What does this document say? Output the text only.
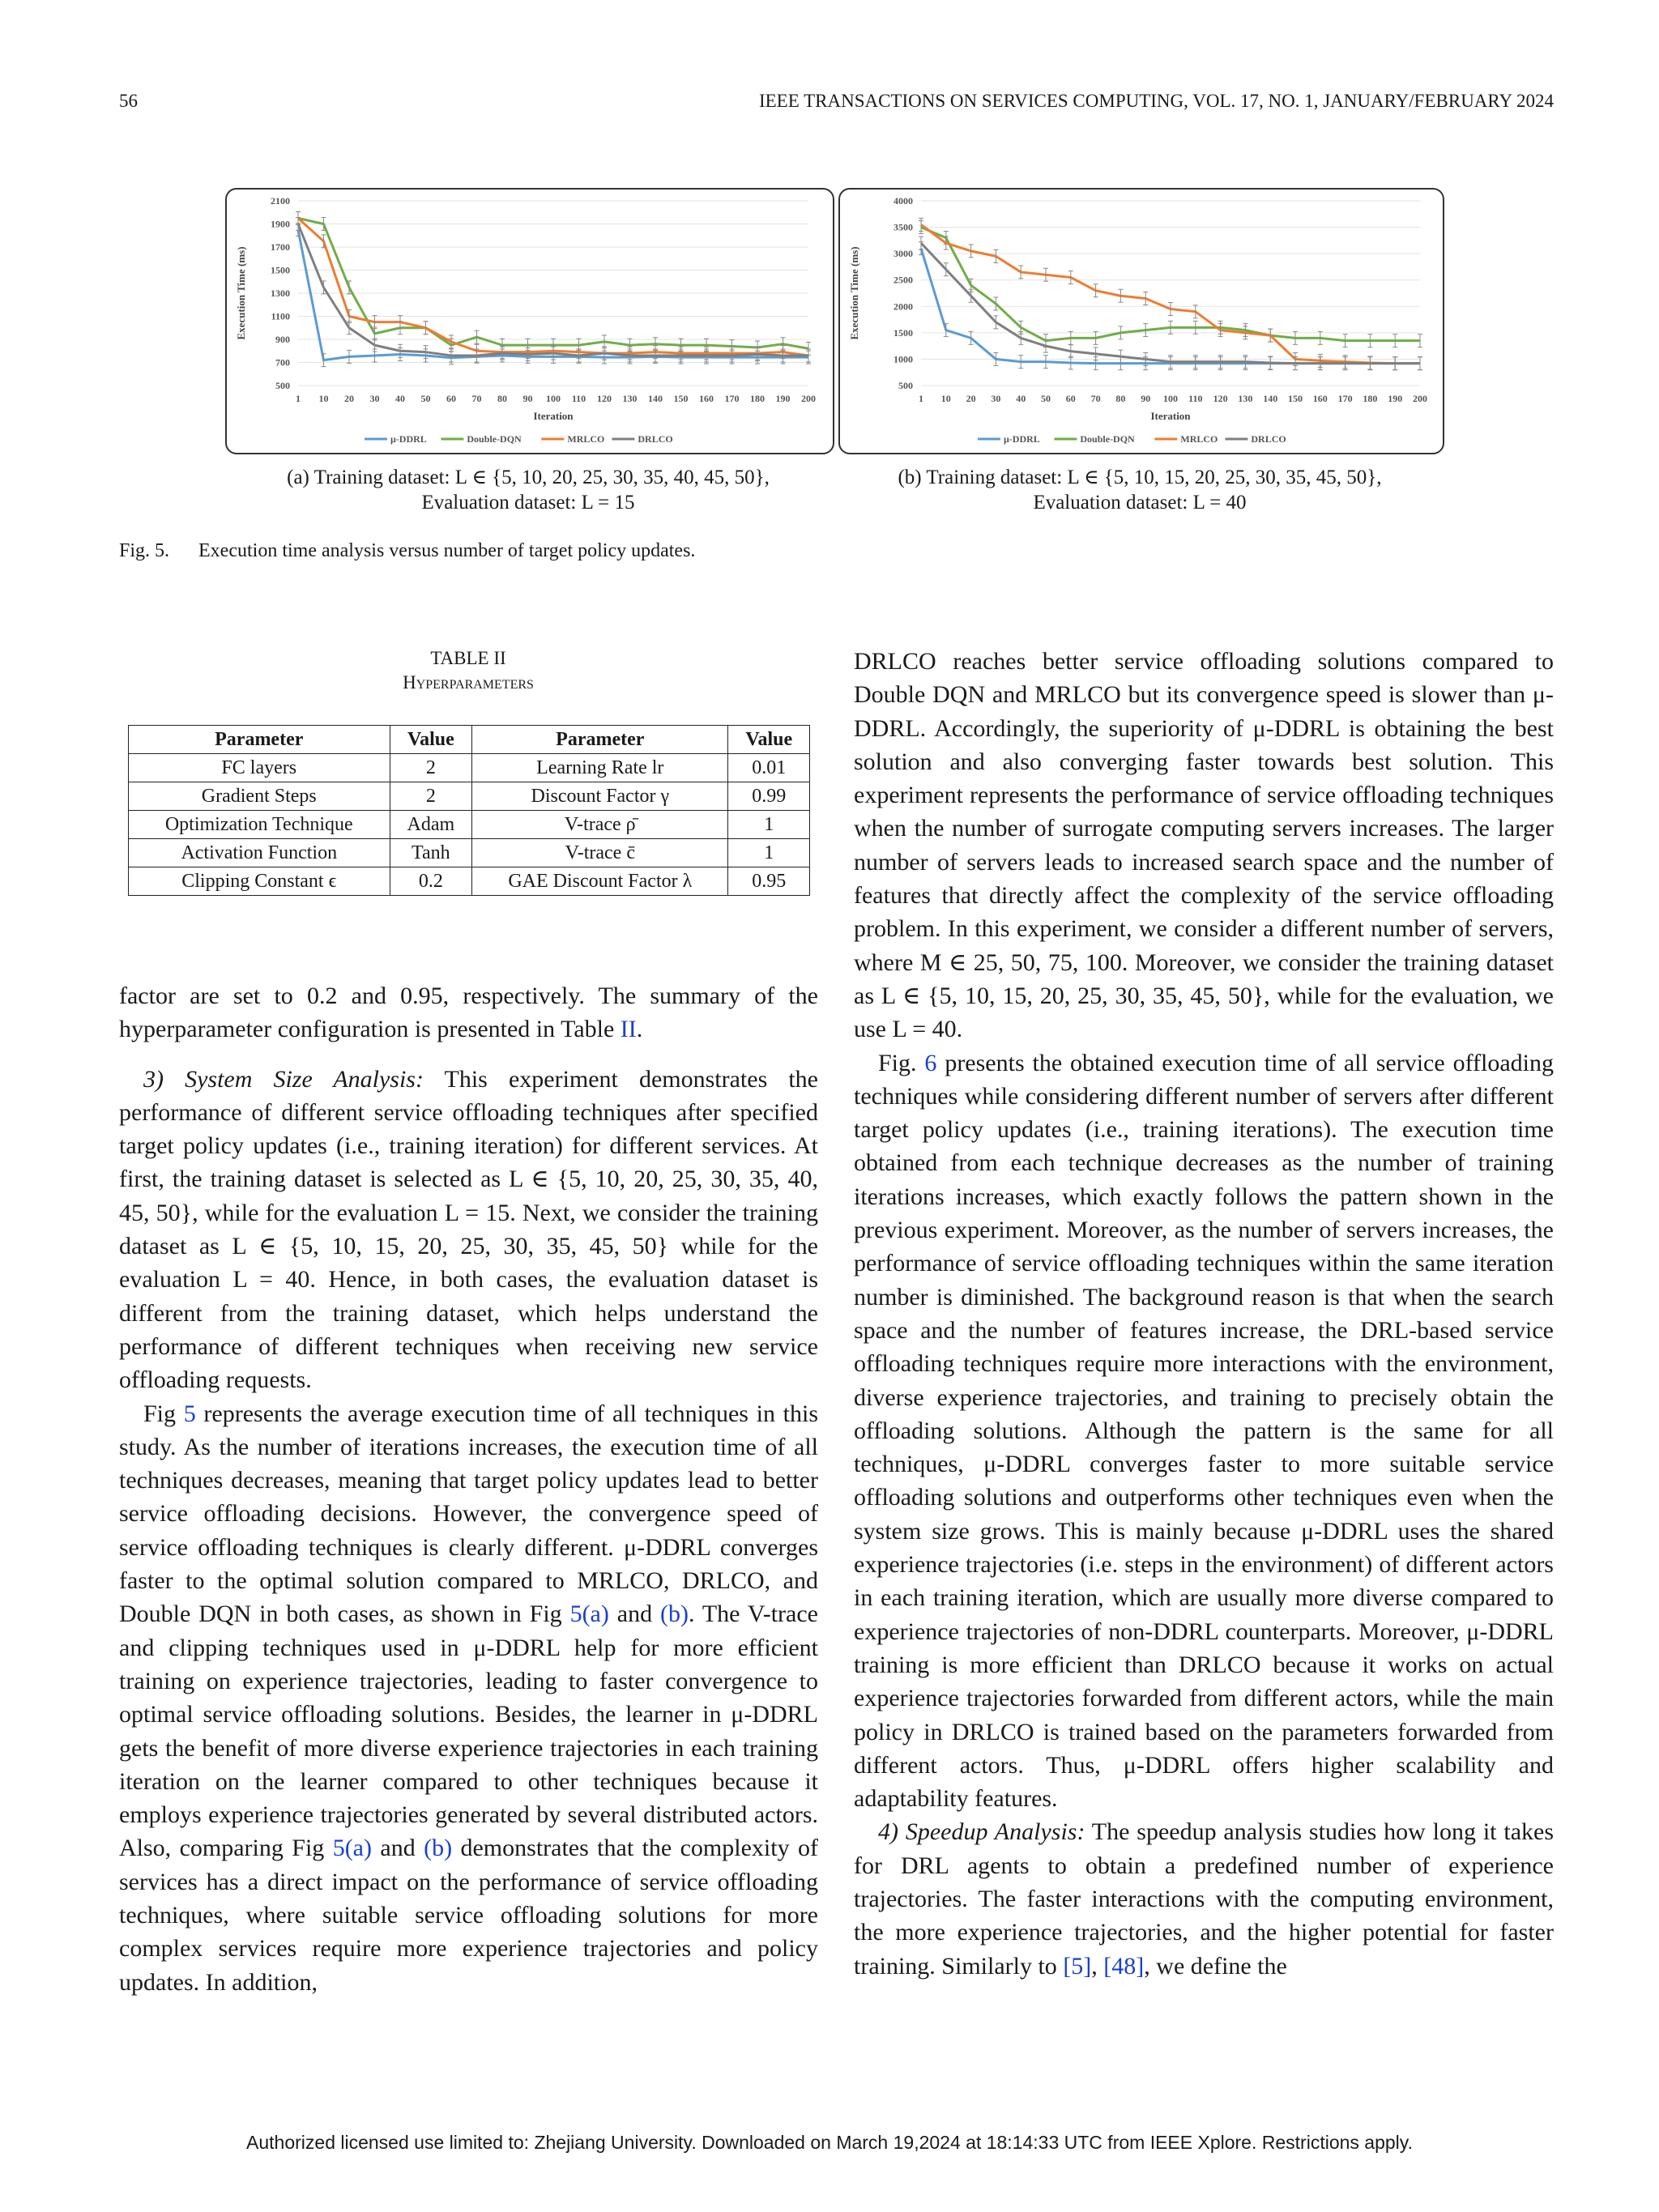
56	IEEE TRANSACTIONS ON SERVICES COMPUTING, VOL. 17, NO. 1, JANUARY/FEBRUARY 2024
500
700
900
1100
1300
1500
1700
1900
2100
1 10 20 30 40 50 60 70 80 90 100 110 120 130 140 150 160 170 180 190 200
Iteration
Execution Time (ms)
μ-DDRL	Double-DQN	MRLCO	DRLCO
500
1000
1500
2000
2500
3000
3500
4000
1 10 20 30 40 50 60 70 80 90 100 110 120 130 140 150 160 170 180 190 200
Iteration
Execution Time (ms)
μ-DDRL	Double-DQN	MRLCO	DRLCO
(a) Training dataset: L ∈ {5, 10, 20, 25, 30, 35, 40, 45, 50},
Evaluation dataset: L = 15
(b) Training dataset: L ∈ {5, 10, 15, 20, 25, 30, 35, 45, 50},
Evaluation dataset: L = 40
Fig. 5. Execution time analysis versus number of target policy updates.
TABLE II
Hyperparameters
Parameter	Value	Parameter	Value
FC layers	2	Learning Rate lr	0.01
Gradient Steps	2	Discount Factor γ	0.99
Optimization Technique	Adam	V-trace ρ̄	1
Activation Function	Tanh	V-trace c̄	1
Clipping Constant ϵ	0.2	GAE Discount Factor λ	0.95

factor are set to 0.2 and 0.95, respectively. The summary of the hyperparameter configuration is presented in Table II.

3) System Size Analysis: This experiment demonstrates the performance of different service offloading techniques after specified target policy updates (i.e., training iteration) for different services. At first, the training dataset is selected as L ∈ {5, 10, 20, 25, 30, 35, 40, 45, 50}, while for the evaluation L = 15. Next, we consider the training dataset as L ∈ {5, 10, 15, 20, 25, 30, 35, 45, 50} while for the evaluation L = 40. Hence, in both cases, the evaluation dataset is different from the training dataset, which helps understand the performance of different techniques when receiving new service offloading requests.

Fig 5 represents the average execution time of all techniques in this study. As the number of iterations increases, the execution time of all techniques decreases, meaning that target policy updates lead to better service offloading decisions. However, the convergence speed of service offloading techniques is clearly different. μ-DDRL converges faster to the optimal solution compared to MRLCO, DRLCO, and Double DQN in both cases, as shown in Fig 5(a) and (b). The V-trace and clipping techniques used in μ-DDRL help for more efficient training on experience trajectories, leading to faster convergence to optimal service offloading solutions. Besides, the learner in μ-DDRL gets the benefit of more diverse experience trajectories in each training iteration on the learner compared to other techniques because it employs experience trajectories generated by several distributed actors. Also, comparing Fig 5(a) and (b) demonstrates that the complexity of services has a direct impact on the performance of service offloading techniques, where suitable service offloading solutions for more complex services require more experience trajectories and policy updates. In addition,

DRLCO reaches better service offloading solutions compared to Double DQN and MRLCO but its convergence speed is slower than μ-DDRL. Accordingly, the superiority of μ-DDRL is obtaining the best solution and also converging faster towards best solution. This experiment represents the performance of service offloading techniques when the number of surrogate computing servers increases. The larger number of servers leads to increased search space and the number of features that directly affect the complexity of the service offloading problem. In this experiment, we consider a different number of servers, where M ∈ 25, 50, 75, 100. Moreover, we consider the training dataset as L ∈ {5, 10, 15, 20, 25, 30, 35, 45, 50}, while for the evaluation, we use L = 40.

Fig. 6 presents the obtained execution time of all service offloading techniques while considering different number of servers after different target policy updates (i.e., training iterations). The execution time obtained from each technique decreases as the number of training iterations increases, which exactly follows the pattern shown in the previous experiment. Moreover, as the number of servers increases, the performance of service offloading techniques within the same iteration number is diminished. The background reason is that when the search space and the number of features increase, the DRL-based service offloading techniques require more interactions with the environment, diverse experience trajectories, and training to precisely obtain the offloading solutions. Although the pattern is the same for all techniques, μ-DDRL converges faster to more suitable service offloading solutions and outperforms other techniques even when the system size grows. This is mainly because μ-DDRL uses the shared experience trajectories (i.e. steps in the environment) of different actors in each training iteration, which are usually more diverse compared to experience trajectories of non-DDRL counterparts. Moreover, μ-DDRL training is more efficient than DRLCO because it works on actual experience trajectories forwarded from different actors, while the main policy in DRLCO is trained based on the parameters forwarded from different actors. Thus, μ-DDRL offers higher scalability and adaptability features.

4) Speedup Analysis: The speedup analysis studies how long it takes for DRL agents to obtain a predefined number of experience trajectories. The faster interactions with the computing environment, the more experience trajectories, and the higher potential for faster training. Similarly to [5], [48], we define the

Authorized licensed use limited to: Zhejiang University. Downloaded on March 19,2024 at 18:14:33 UTC from IEEE Xplore. Restrictions apply.
